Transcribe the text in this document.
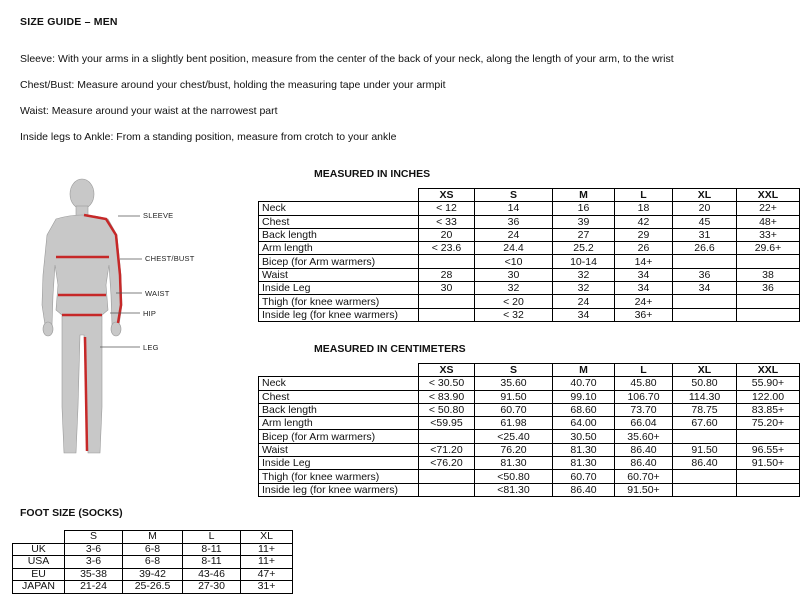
SIZE GUIDE – MEN
Sleeve: With your arms in a slightly bent position, measure from the center of the back of your neck, along the length of your arm, to the wrist
Chest/Bust: Measure around your chest/bust, holding the measuring tape under your armpit
Waist: Measure around your waist at the narrowest part
Inside legs to Ankle: From a standing position, measure from crotch to your ankle
SLEEVE
CHEST/BUST
WAIST
HIP
LEG
MEASURED IN INCHES
	XS	S	M	L	XL	XXL
Neck	< 12	14	16	18	20	22+
Chest	< 33	36	39	42	45	48+
Back length	20	24	27	29	31	33+
Arm length	< 23.6	24.4	25.2	26	26.6	29.6+
Bicep (for Arm warmers)		<10	10-14	14+		
Waist	28	30	32	34	36	38
Inside Leg	30	32	32	34	34	36
Thigh (for knee warmers)		< 20	24	24+		
Inside leg (for knee warmers)		< 32	34	36+		
MEASURED IN CENTIMETERS
	XS	S	M	L	XL	XXL
Neck	< 30.50	35.60	40.70	45.80	50.80	55.90+
Chest	< 83.90	91.50	99.10	106.70	114.30	122.00
Back length	< 50.80	60.70	68.60	73.70	78.75	83.85+
Arm length	<59.95	61.98	64.00	66.04	67.60	75.20+
Bicep (for Arm warmers)		<25.40	30.50	35.60+		
Waist	<71.20	76.20	81.30	86.40	91.50	96.55+
Inside Leg	<76.20	81.30	81.30	86.40	86.40	91.50+
Thigh (for knee warmers)		<50.80	60.70	60.70+		
Inside leg (for knee warmers)		<81.30	86.40	91.50+		
FOOT SIZE (SOCKS)
	S	M	L	XL
UK	3-6	6-8	8-11	11+
USA	3-6	6-8	8-11	11+
EU	35-38	39-42	43-46	47+
JAPAN	21-24	25-26.5	27-30	31+
